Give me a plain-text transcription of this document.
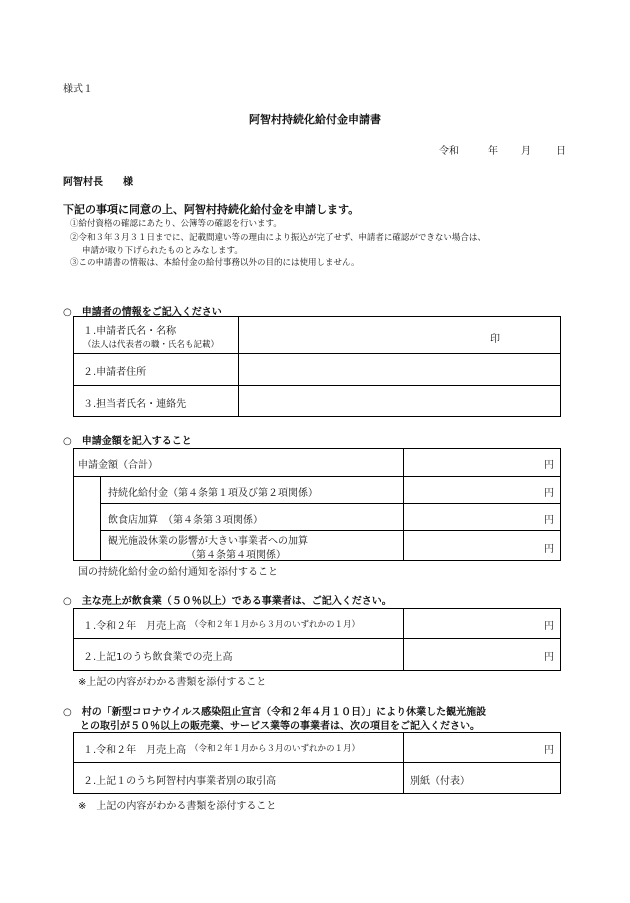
様式１
阿智村持続化給付金申請書
令和	年 月	日
阿智村長　　様
下記の事項に同意の上、阿智村持続化給付金を申請します。
①給付資格の確認にあたり、公簿等の確認を行います。
②令和３年３月３１日までに、記載間違い等の理由により振込が完了せず、申請者に確認ができない場合は、
申請が取り下げられたものとみなします。
③この申請書の情報は、本給付金の給付事務以外の目的には使用しません。
○　申請者の情報をご記入ください
１.申請者氏名・名称
（法人は代表者の職・氏名も記載）	印
２.申請者住所
３.担当者氏名・連絡先
○　申請金額を記入すること
申請金額（合計）	円
持続化給付金（第４条第１項及び第２項関係）	円
飲食店加算　（第４条第３項関係）	円
観光施設休業の影響が大きい事業者への加算
（第４条第４項関係）
円
国の持続化給付金の給付通知を添付すること
○　主な売上が飲食業（５０％以上）である事業者は、ご記入ください。
１.令和２年　月売上高 （令和２年１月から３月のいずれかの１月）	円
２.上記1のうち飲食業での売上高	円
※上記の内容がわかる書類を添付すること
○　村の「新型コロナウイルス感染阻止宣言（令和２年４月１０日）」により休業した観光施設
との取引が５０％以上の販売業、サービス業等の事業者は、次の項目をご記入ください。
１.令和２年　月売上高 （令和２年１月から３月のいずれかの１月）	円
２.上記１のうち阿智村内事業者別の取引高	別紙（付表）
※　上記の内容がわかる書類を添付すること
